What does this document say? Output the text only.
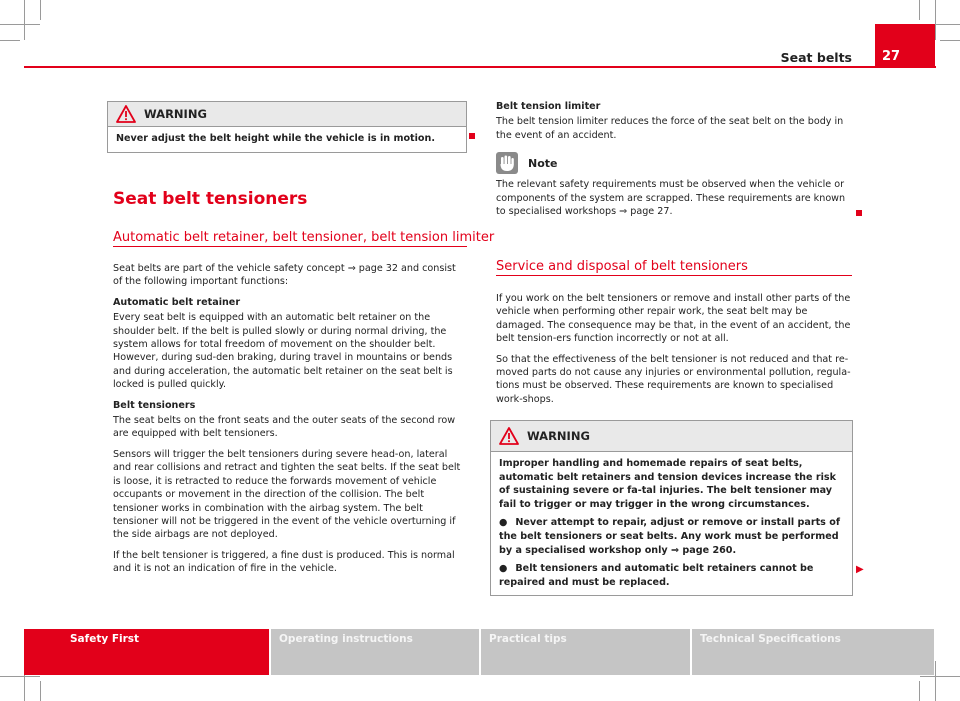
Seat belts	27
WARNING
Never adjust the belt height while the vehicle is in motion.
Seat belt tensioners
Automatic belt retainer, belt tensioner, belt tension limiter

Seat belts are part of the vehicle safety concept ⇒ page 32 and consist of the following important functions:

Automatic belt retainer

Every seat belt is equipped with an automatic belt retainer on the shoulder belt. If the belt is pulled slowly or during normal driving, the system allows for total freedom of movement on the shoulder belt. However, during sud-den braking, during travel in mountains or bends and during acceleration, the automatic belt retainer on the seat belt is locked is pulled quickly.

Belt tensioners

The seat belts on the front seats and the outer seats of the second row are equipped with belt tensioners.

Sensors will trigger the belt tensioners during severe head-on, lateral and rear collisions and retract and tighten the seat belts. If the seat belt is loose, it is retracted to reduce the forwards movement of vehicle occupants or movement in the direction of the collision. The belt tensioner works in combination with the airbag system. The belt tensioner will not be triggered in the event of the vehicle overturning if the side airbags are not deployed.

If the belt tensioner is triggered, a fine dust is produced. This is normal and it is not an indication of fire in the vehicle.

Belt tension limiter

The belt tension limiter reduces the force of the seat belt on the body in the event of an accident.

Note

The relevant safety requirements must be observed when the vehicle or components of the system are scrapped. These requirements are known to specialised workshops ⇒ page 27.

Service and disposal of belt tensioners

If you work on the belt tensioners or remove and install other parts of the vehicle when performing other repair work, the seat belt may be damaged. The consequence may be that, in the event of an accident, the belt tension-ers function incorrectly or not at all.

So that the effectiveness of the belt tensioner is not reduced and that re-moved parts do not cause any injuries or environmental pollution, regula-tions must be observed. These requirements are known to specialised work-shops.

WARNING

Improper handling and homemade repairs of seat belts, automatic belt retainers and tension devices increase the risk of sustaining severe or fa-tal injuries. The belt tensioner may fail to trigger or may trigger in the wrong circumstances.

● Never attempt to repair, adjust or remove or install parts of the belt tensioners or seat belts. Any work must be performed by a specialised workshop only ⇒ page 260.

● Belt tensioners and automatic belt retainers cannot be repaired and must be replaced.

▶
Safety First	Operating instructions	Practical tips	Technical Specifications
